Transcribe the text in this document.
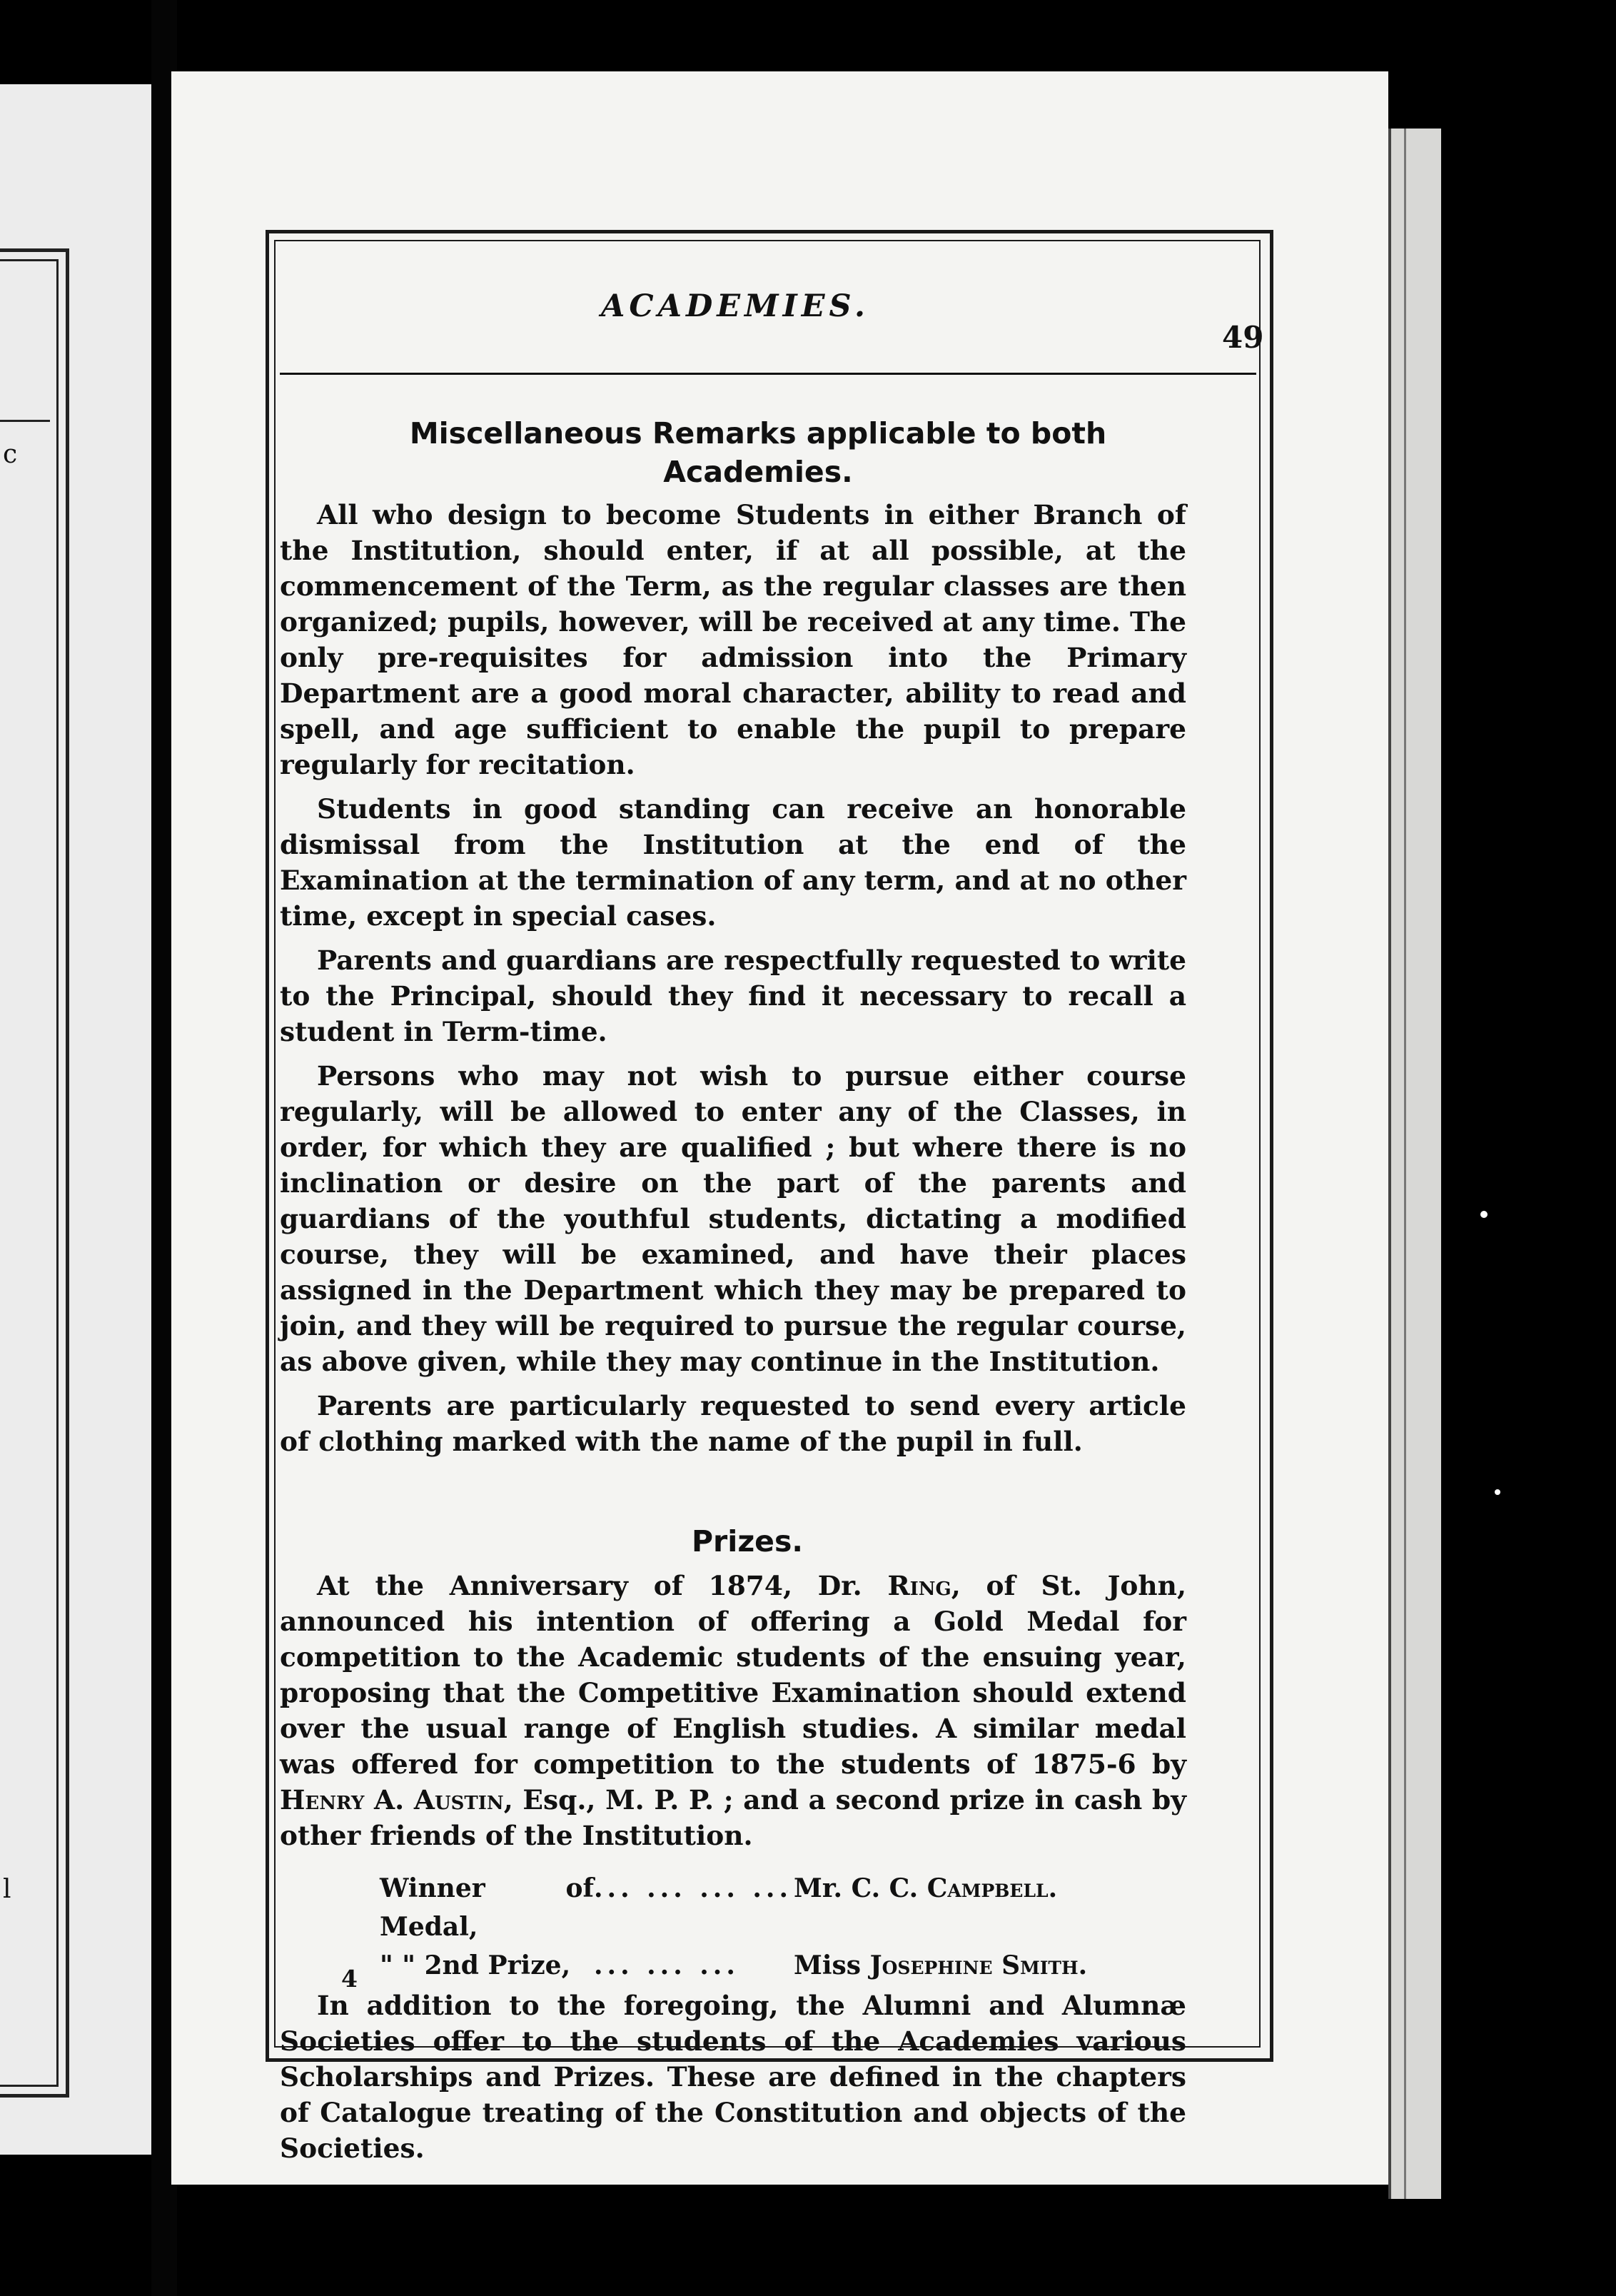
c
l
ACADEMIES.
49
Miscellaneous Remarks applicable to both Academies.

All who design to become Students in either Branch of the Institution, should enter, if at all possible, at the commencement of the Term, as the regular classes are then organized; pupils, however, will be received at any time. The only pre-requisites for admission into the Primary Department are a good moral character, ability to read and spell, and age sufficient to enable the pupil to prepare regularly for recitation.

Students in good standing can receive an honorable dismissal from the Institution at the end of the Examination at the termination of any term, and at no other time, except in special cases.

Parents and guardians are respectfully requested to write to the Principal, should they find it necessary to recall a student in Term-time.

Persons who may not wish to pursue either course regularly, will be allowed to enter any of the Classes, in order, for which they are qualified ; but where there is no inclination or desire on the part of the parents and guardians of the youthful students, dictating a modified course, they will be examined, and have their places assigned in the Department which they may be prepared to join, and they will be required to pursue the regular course, as above given, while they may continue in the Institution.

Parents are particularly requested to send every article of clothing marked with the name of the pupil in full.

Prizes.

At the Anniversary of 1874, Dr. Ring, of St. John, announced his intention of offering a Gold Medal for competition to the Academic students of the ensuing year, proposing that the Competitive Examination should extend over the usual range of English studies. A similar medal was offered for competition to the students of 1875-6 by Henry A. Austin, Esq., M. P. P. ; and a second prize in cash by other friends of the Institution.

Winner of Medal,
... ... ... ... Mr. C. C. Campbell.
" " 2nd Prize, ... ... ...	Miss Josephine Smith.

In addition to the foregoing, the Alumni and Alumnæ Societies offer to the students of the Academies various Scholarships and Prizes. These are defined in the chapters of Catalogue treating of the Constitution and objects of the Societies.

4
